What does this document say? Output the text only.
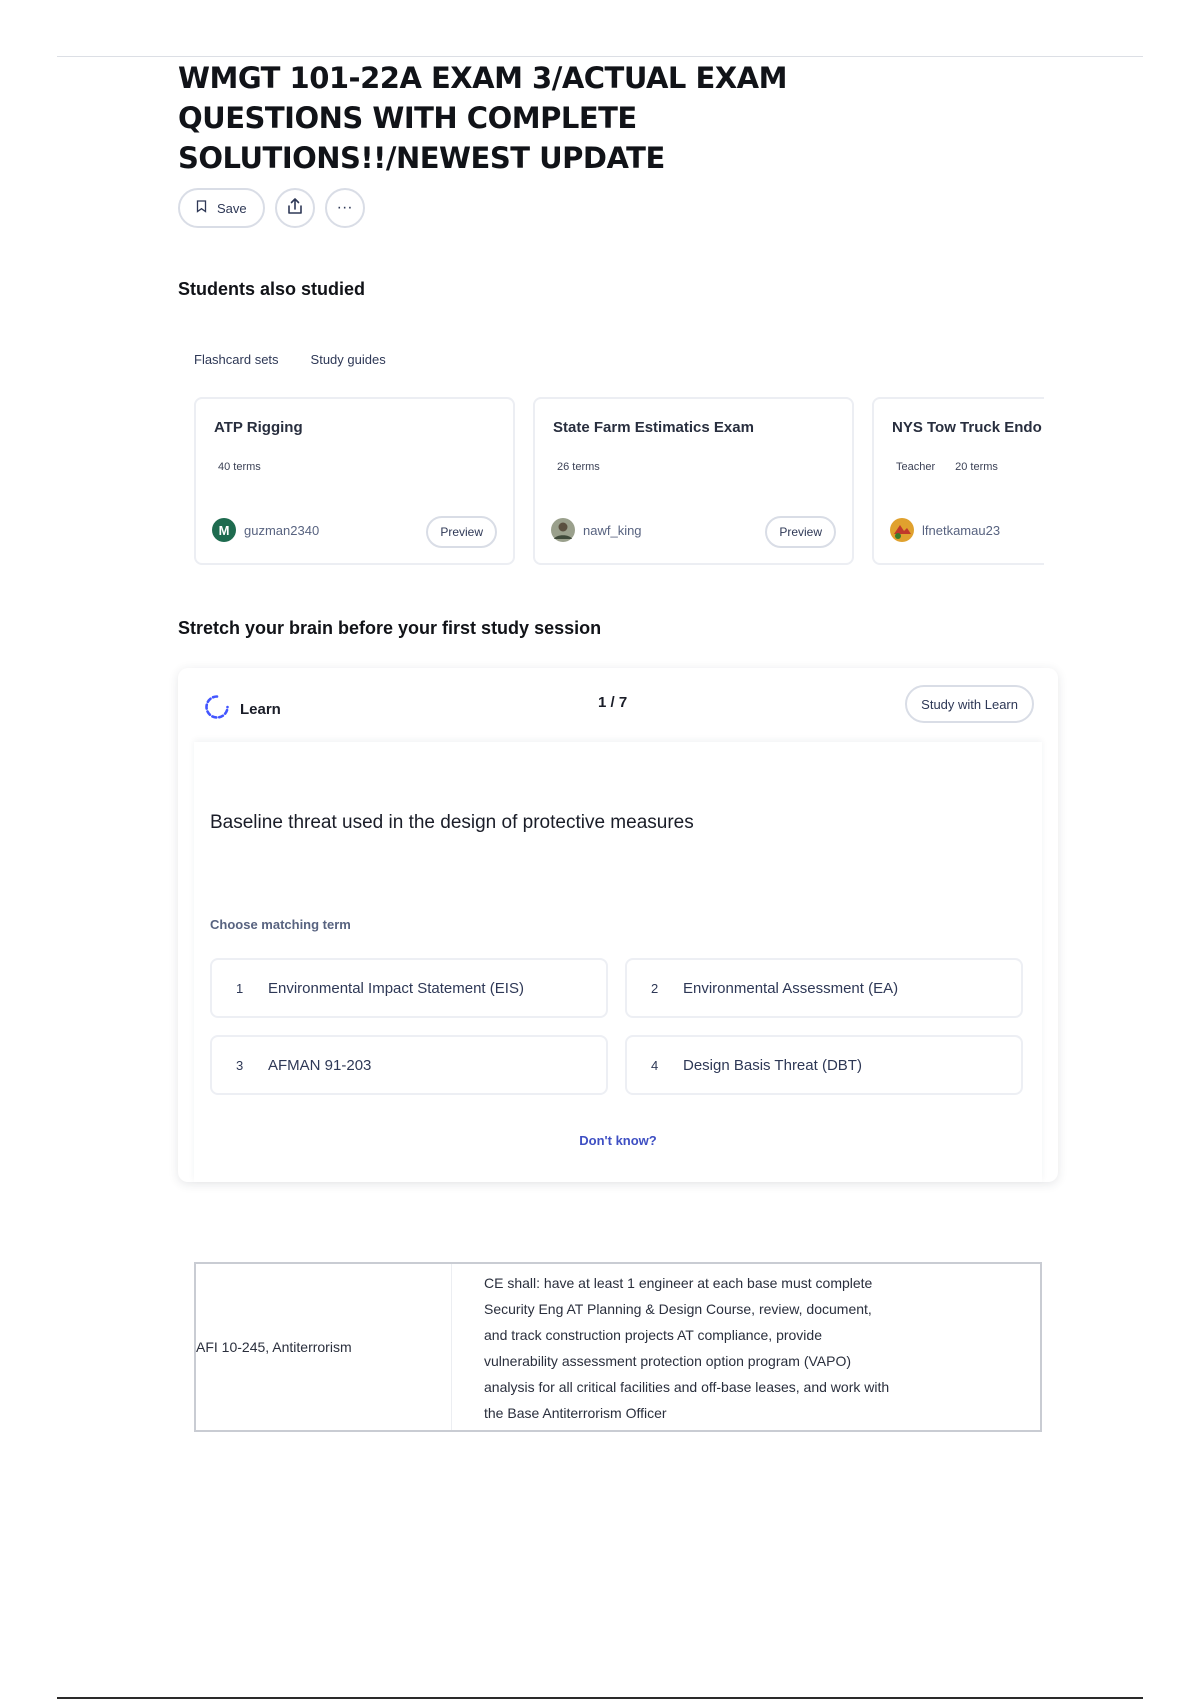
WMGT 101-22A EXAM 3/ACTUAL EXAM QUESTIONS WITH COMPLETE SOLUTIONS!!/NEWEST UPDATE
Save	···
Students also studied
Flashcard sets Study guides
ATP Rigging
40 terms
M	guzman2340	Preview
State Farm Estimatics Exam
26 terms
nawf_king	Preview
NYS Tow Truck Endo
Teacher 20 terms
lfnetkamau23
Stretch your brain before your first study session
Learn	1 / 7	Study with Learn
Baseline threat used in the design of protective measures
Choose matching term
1	Environmental Impact Statement (EIS)	2	Environmental Assessment (EA)
3	AFMAN 91-203	4	Design Basis Threat (DBT)
Don't know?
AFI 10-245, Antiterrorism
CE shall: have at least 1 engineer at each base must complete
Security Eng AT Planning & Design Course, review, document,
and track construction projects AT compliance, provide
vulnerability assessment protection option program (VAPO)
analysis for all critical facilities and off-base leases, and work with
the Base Antiterrorism Officer
